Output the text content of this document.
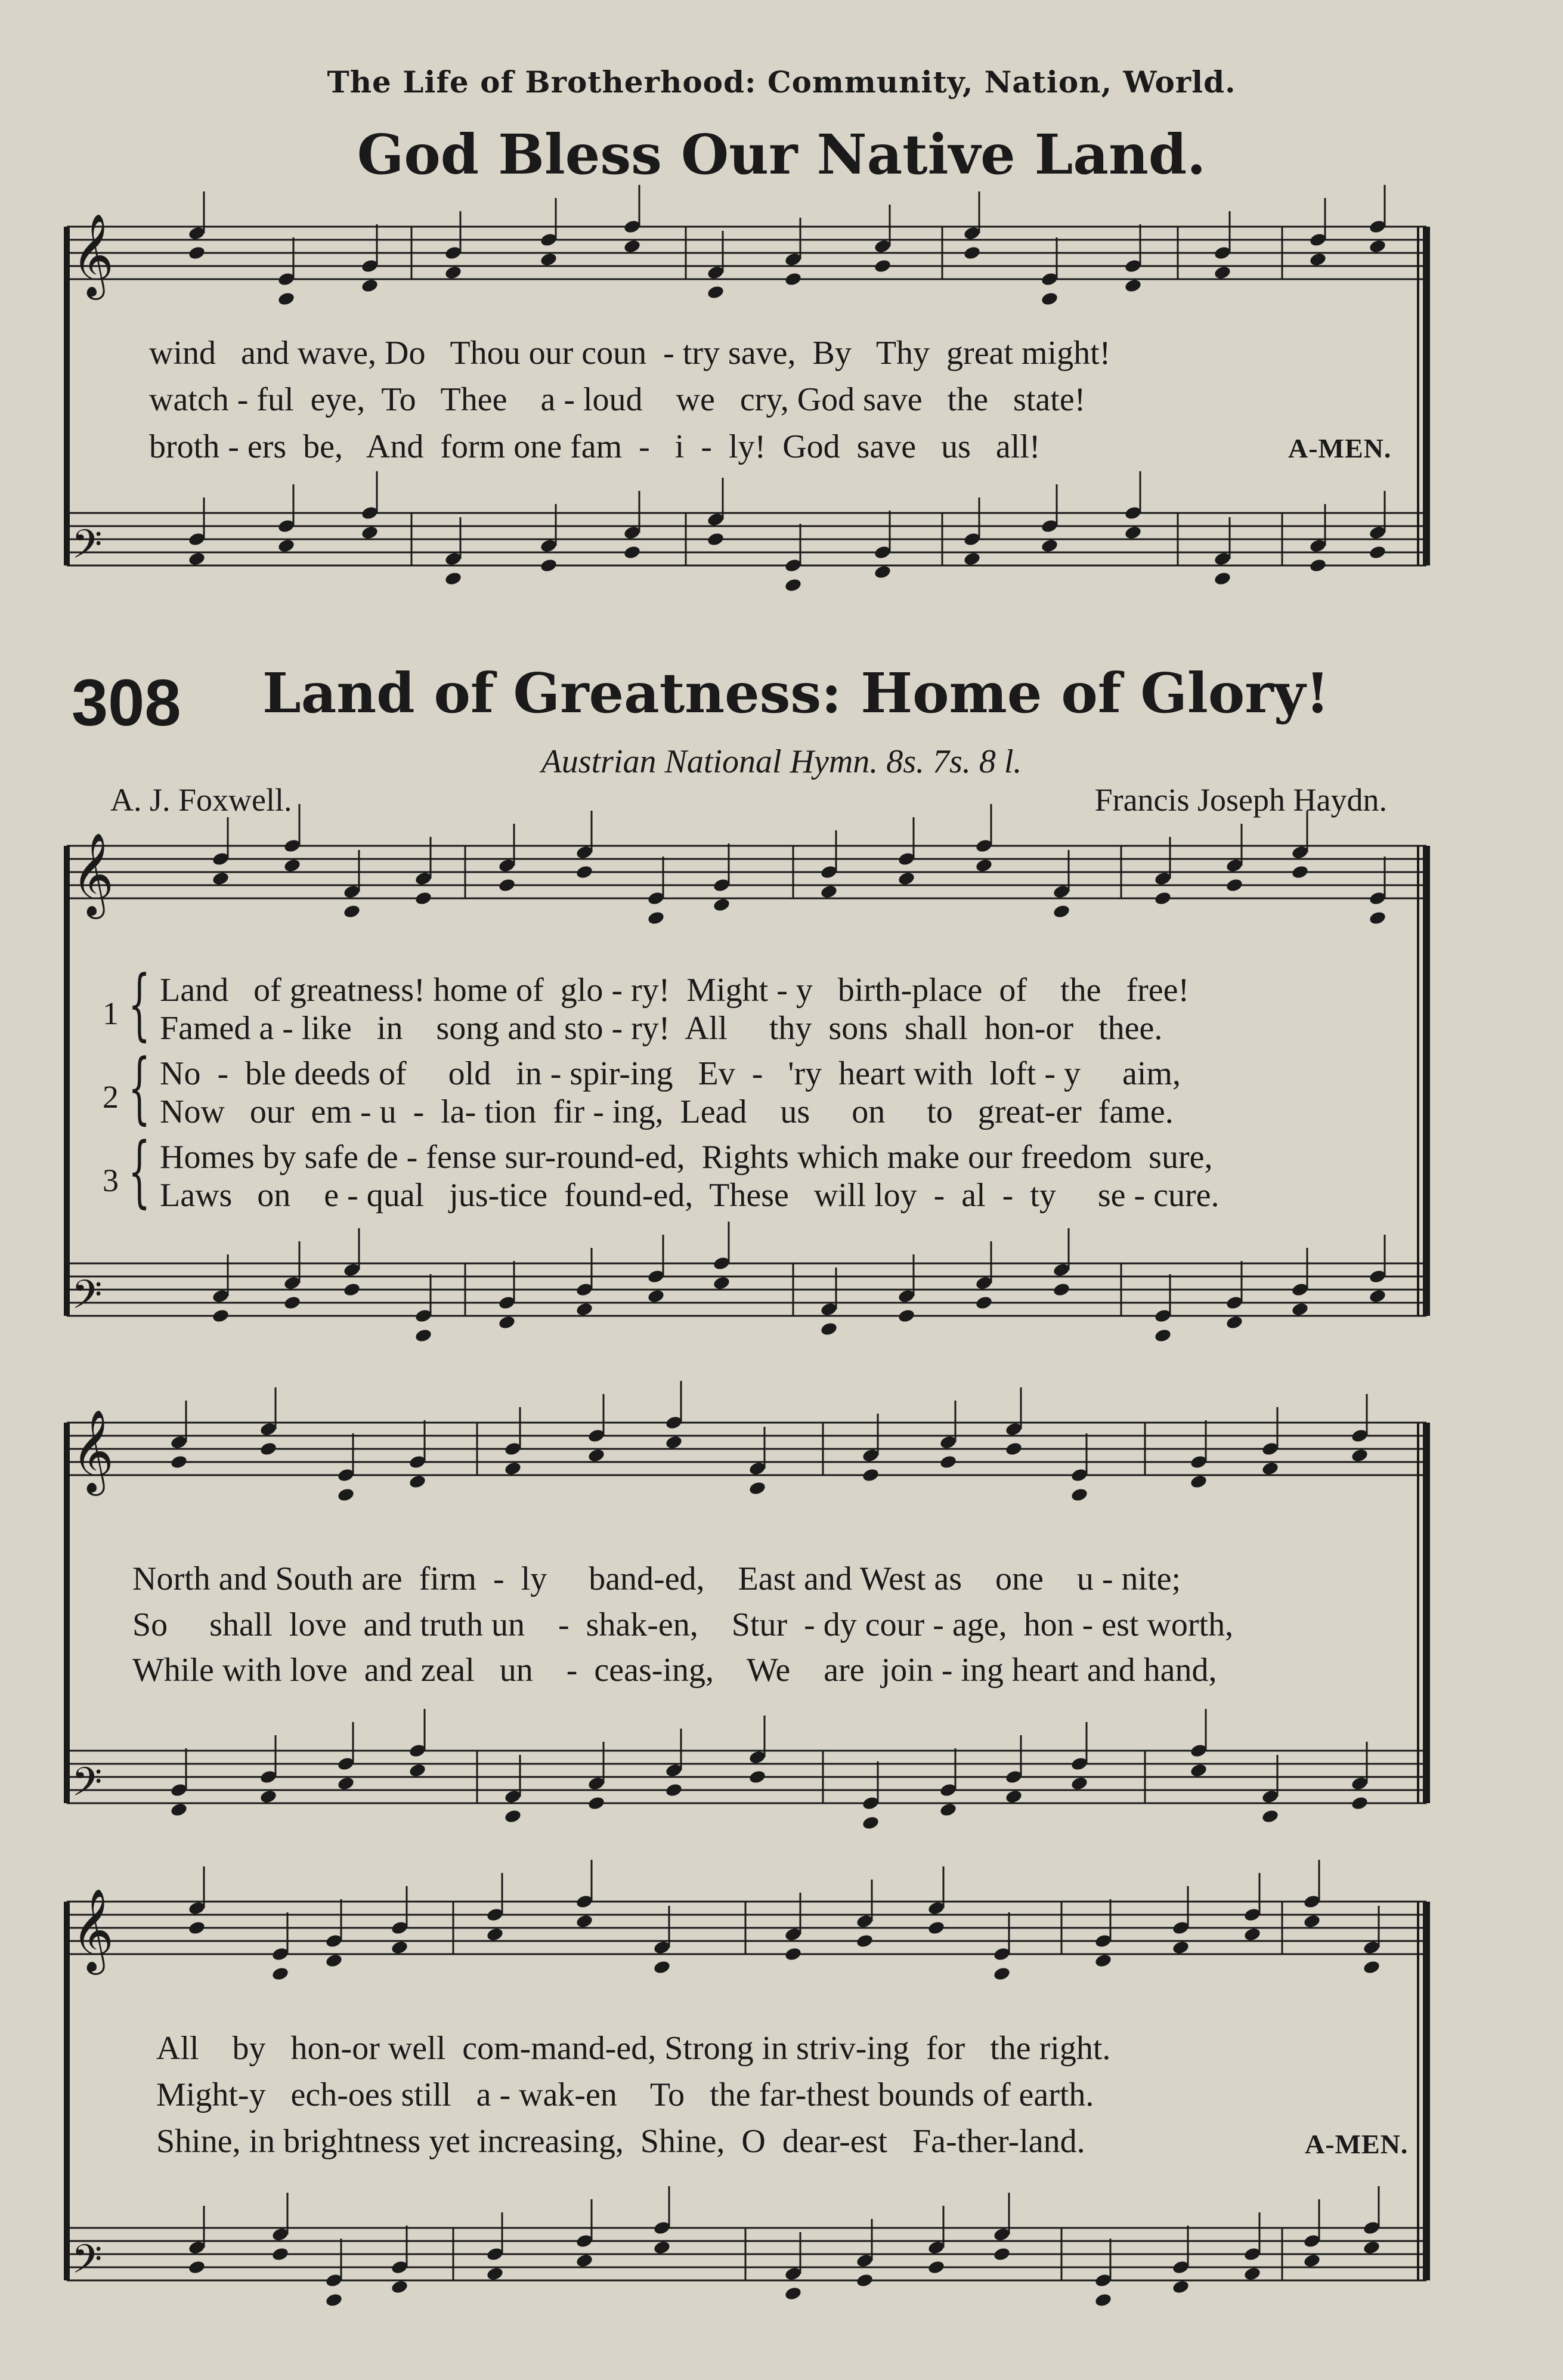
The Life of Brotherhood: Community, Nation, World.
God Bless Our Native Land.
𝄞
𝄢
𝄞
𝄢
𝄞
𝄢
𝄞
𝄢
wind   and wave, Do   Thou our coun  - try save,  By   Thy  great might!
watch - ful  eye,  To   Thee    a - loud    we   cry, God save   the   state!
broth - ers  be,   And  form one fam  -   i  -  ly!  God  save   us   all!	A-MEN.
308 Land of Greatness: Home of Glory!
Austrian National Hymn. 8s. 7s. 8 l.
A. J. Foxwell.	Francis Joseph Haydn.
1 { Land   of greatness! home of  glo - ry!  Might - y   birth-place  of    the   free!
Famed a - like   in    song and sto - ry!  All     thy  sons  shall  hon-or   thee.
2 { No  -  ble deeds of     old   in - spir-ing   Ev  -   'ry  heart with  loft - y     aim,
Now   our  em - u  -  la- tion  fir - ing,  Lead    us     on     to   great-er  fame.
3 { Homes by safe de - fense sur-round-ed,  Rights which make our freedom  sure,
Laws   on    e - qual   jus-tice  found-ed,  These   will loy  -  al  -  ty     se - cure.
North and South are  firm  -  ly     band-ed,    East and West as    one    u - nite;
So     shall  love  and truth un    -  shak-en,    Stur  - dy cour - age,  hon - est worth,
While with love  and zeal   un    -  ceas-ing,    We    are  join - ing heart and hand,
All    by   hon-or well  com-mand-ed, Strong in striv-ing  for   the right.
Might-y   ech-oes still   a - wak-en    To   the far-thest bounds of earth.
Shine, in brightness yet increasing,  Shine,  O  dear-est   Fa-ther-land.	A-MEN.
